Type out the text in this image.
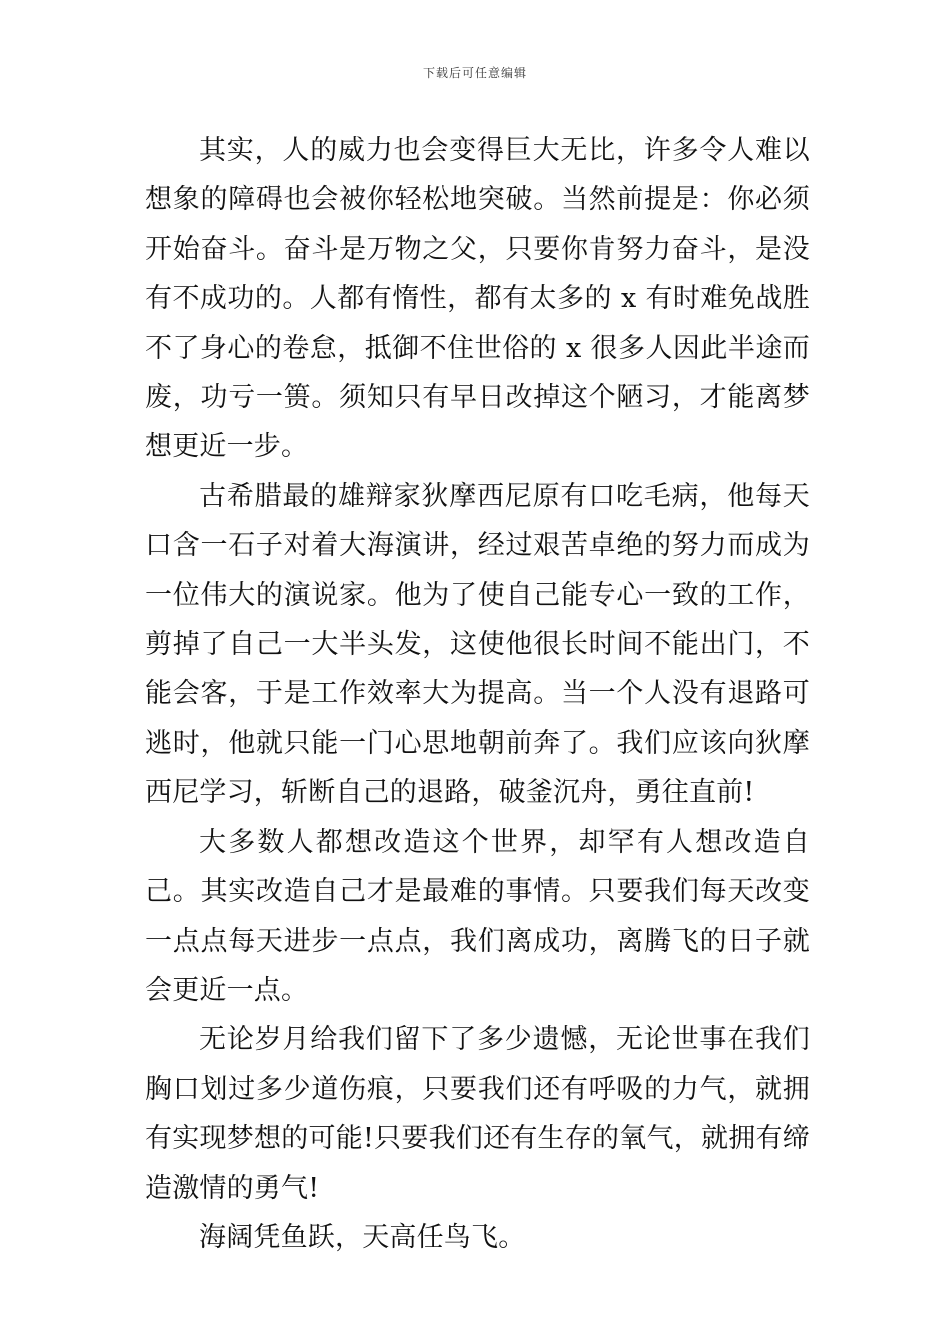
下载后可任意编辑

其实，人的威力也会变得巨大无比，许多令人难以想象的障碍也会被你轻松地突破。当然前提是：你必须开始奋斗。奋斗是万物之父，只要你肯努力奋斗，是没有不成功的。人都有惰性，都有太多的 x 有时难免战胜不了身心的卷怠，抵御不住世俗的 x 很多人因此半途而废，功亏一篑。须知只有早日改掉这个陋习，才能离梦想更近一步。

古希腊最的雄辩家狄摩西尼原有口吃毛病，他每天口含一石子对着大海演讲，经过艰苦卓绝的努力而成为一位伟大的演说家。他为了使自己能专心一致的工作，剪掉了自己一大半头发，这使他很长时间不能出门，不能会客，于是工作效率大为提高。当一个人没有退路可逃时，他就只能一门心思地朝前奔了。我们应该向狄摩西尼学习，斩断自己的退路，破釜沉舟，勇往直前!

大多数人都想改造这个世界，却罕有人想改造自己。其实改造自己才是最难的事情。只要我们每天改变一点点每天进步一点点，我们离成功，离腾飞的日子就会更近一点。

无论岁月给我们留下了多少遗憾，无论世事在我们胸口划过多少道伤痕，只要我们还有呼吸的力气，就拥有实现梦想的可能!只要我们还有生存的氧气，就拥有缔造激情的勇气!

海阔凭鱼跃，天高任鸟飞。
